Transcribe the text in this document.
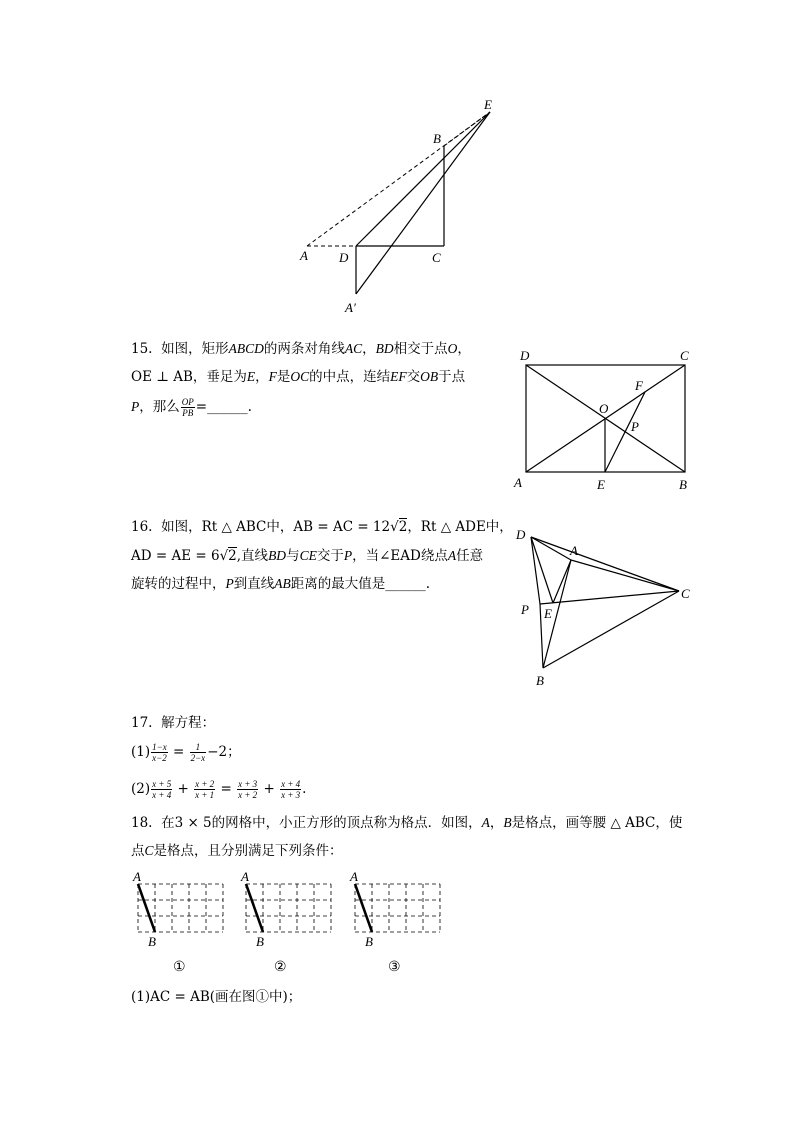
E
B
A D	C
A′
15. 如图，矩形ABCD的两条对角线AC，BD相交于点O，
OE ⊥ AB，垂足为E，F是OC的中点，连结EF交OB于点
P，那么 $\frac{OP}{PB}$ =______.
D	C
F
O
P
A	E	B
16. 如图，Rt △ ABC中，AB = AC = 12√2，Rt △ ADE中，
AD = AE = 6√2,直线BD与CE交于P，当∠EAD绕点A任意
旋转的过程中，P到直线AB距离的最大值是______.
D
A
C
P E
B
17. 解方程：
$(1) \frac{1-x}{x-2} = \frac{1}{2-x} -2$；
$(2) \frac{x + 5}{x + 4} + \frac{x + 2}{x + 1} = \frac{x + 3}{x + 2} + \frac{x + 4}{x + 3}$ .
18. 在3 × 5的网格中，小正方形的顶点称为格点．如图，A，B是格点，画等腰 △ ABC，使
点C是格点，且分别满足下列条件：
A
B
①
A
B
②
A
B
③
(1)AC = AB(画在图①中)；
